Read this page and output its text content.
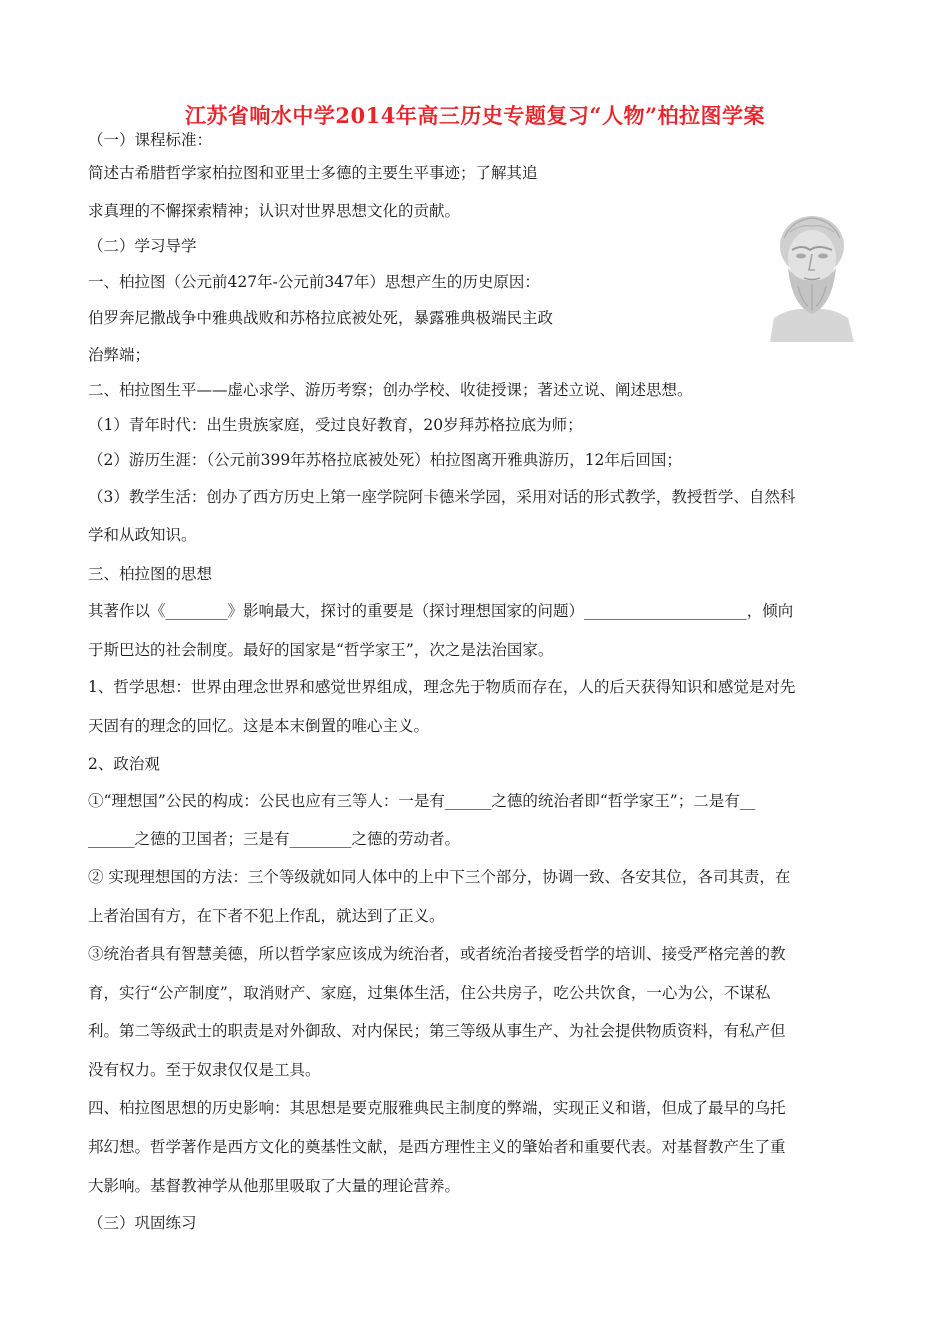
江苏省响水中学2014年高三历史专题复习“人物”柏拉图学案
（一）课程标准：
简述古希腊哲学家柏拉图和亚里士多德的主要生平事迹；了解其追
求真理的不懈探索精神；认识对世界思想文化的贡献。
（二）学习导学
一、柏拉图（公元前427年-公元前347年）思想产生的历史原因：
伯罗奔尼撒战争中雅典战败和苏格拉底被处死，暴露雅典极端民主政
治弊端；
二、柏拉图生平——虚心求学、游历考察；创办学校、收徒授课；著述立说、阐述思想。
（1）青年时代：出生贵族家庭，受过良好教育，20岁拜苏格拉底为师；
（2）游历生涯：（公元前399年苏格拉底被处死）柏拉图离开雅典游历，12年后回国；
（3）教学生活：创办了西方历史上第一座学院阿卡德米学园，采用对话的形式教学，教授哲学、自然科
学和从政知识。
三、柏拉图的思想
其著作以《________》影响最大，探讨的重要是（探讨理想国家的问题）_____________________，倾向
于斯巴达的社会制度。最好的国家是“哲学家王”，次之是法治国家。
1、哲学思想：世界由理念世界和感觉世界组成，理念先于物质而存在，人的后天获得知识和感觉是对先
天固有的理念的回忆。这是本末倒置的唯心主义。
2、政治观
①“理想国”公民的构成：公民也应有三等人：一是有______之德的统治者即“哲学家王”；二是有__
______之德的卫国者；三是有________之德的劳动者。
② 实现理想国的方法：三个等级就如同人体中的上中下三个部分，协调一致、各安其位，各司其责，在
上者治国有方，在下者不犯上作乱，就达到了正义。
③统治者具有智慧美德，所以哲学家应该成为统治者，或者统治者接受哲学的培训、接受严格完善的教
育，实行“公产制度”，取消财产、家庭，过集体生活，住公共房子，吃公共饮食，一心为公，不谋私
利。第二等级武士的职责是对外御敌、对内保民；第三等级从事生产、为社会提供物质资料，有私产但
没有权力。至于奴隶仅仅是工具。
四、柏拉图思想的历史影响：其思想是要克服雅典民主制度的弊端，实现正义和谐，但成了最早的乌托
邦幻想。哲学著作是西方文化的奠基性文献，是西方理性主义的肇始者和重要代表。对基督教产生了重
大影响。基督教神学从他那里吸取了大量的理论营养。
（三）巩固练习
